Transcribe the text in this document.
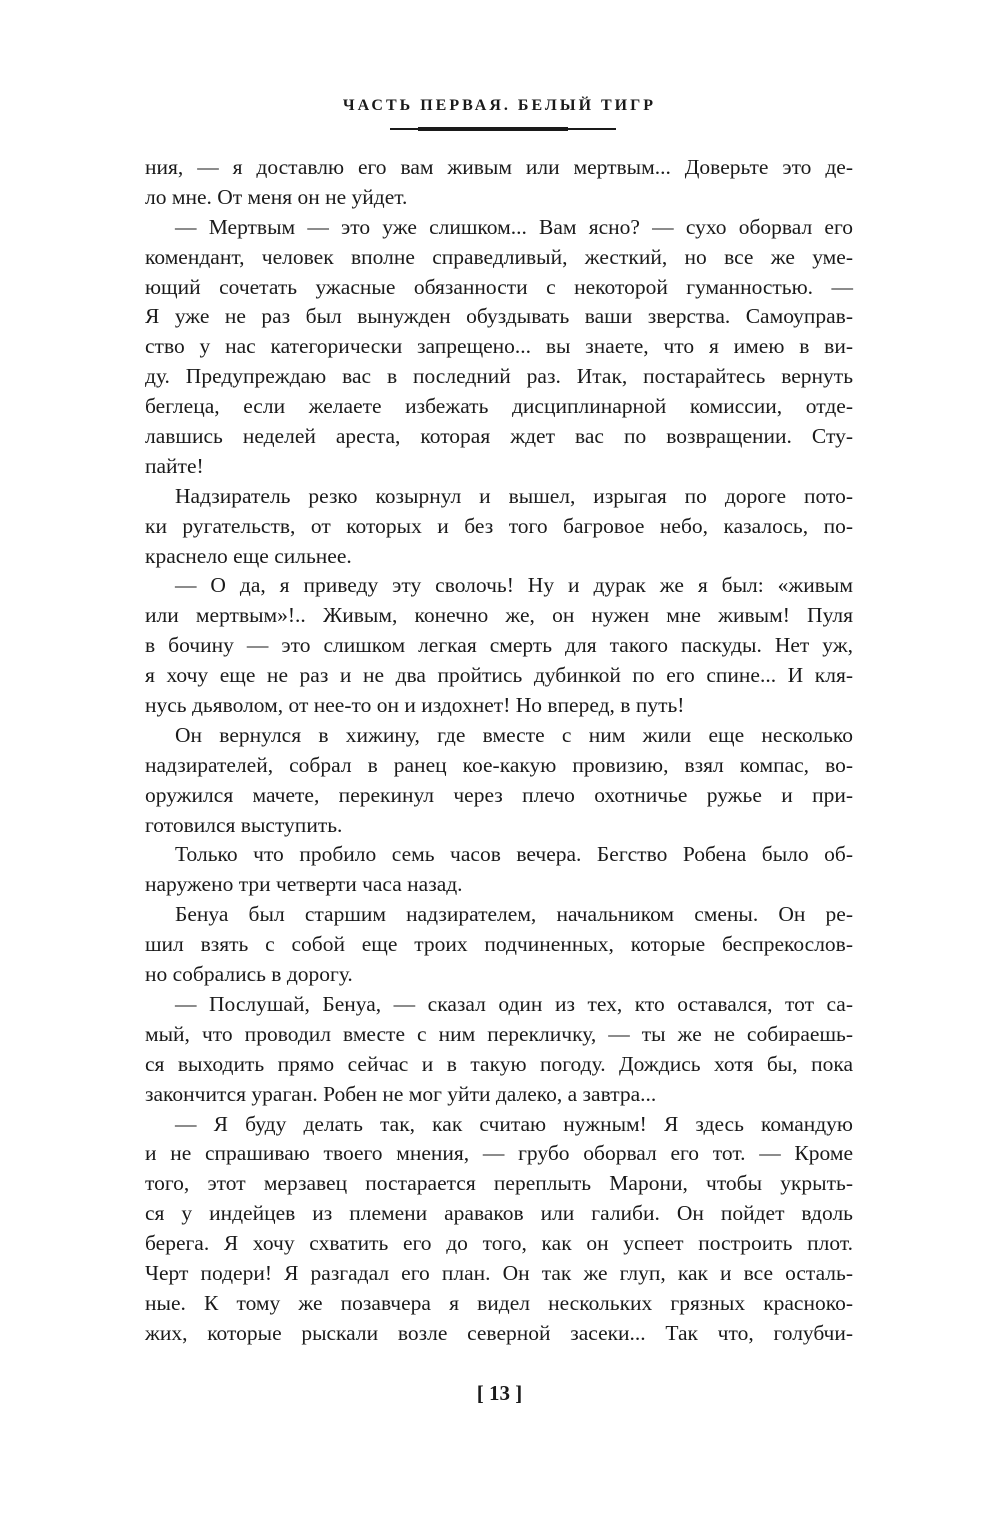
ЧАСТЬ ПЕРВАЯ. БЕЛЫЙ ТИГР
ния, — я доставлю его вам живым или мертвым... Доверьте это де-
ло мне. От меня он не уйдет.
— Мертвым — это уже слишком... Вам ясно? — сухо оборвал его
комендант, человек вполне справедливый, жесткий, но все же уме-
ющий сочетать ужасные обязанности с некоторой гуманностью. —
Я уже не раз был вынужден обуздывать ваши зверства. Самоуправ-
ство у нас категорически запрещено... вы знаете, что я имею в ви-
ду. Предупреждаю вас в последний раз. Итак, постарайтесь вернуть
беглеца, если желаете избежать дисциплинарной комиссии, отде-
лавшись неделей ареста, которая ждет вас по возвращении. Сту-
пайте!
Надзиратель резко козырнул и вышел, изрыгая по дороге пото-
ки ругательств, от которых и без того багровое небо, казалось, по-
краснело еще сильнее.
— О да, я приведу эту сволочь! Ну и дурак же я был: «живым
или мертвым»!.. Живым, конечно же, он нужен мне живым! Пуля
в бочину — это слишком легкая смерть для такого паскуды. Нет уж,
я хочу еще не раз и не два пройтись дубинкой по его спине... И кля-
нусь дьяволом, от нее-то он и издохнет! Но вперед, в путь!
Он вернулся в хижину, где вместе с ним жили еще несколько
надзирателей, собрал в ранец кое-какую провизию, взял компас, во-
оружился мачете, перекинул через плечо охотничье ружье и при-
готовился выступить.
Только что пробило семь часов вечера. Бегство Робена было об-
наружено три четверти часа назад.
Бенуа был старшим надзирателем, начальником смены. Он ре-
шил взять с собой еще троих подчиненных, которые беспрекослов-
но собрались в дорогу.
— Послушай, Бенуа, — сказал один из тех, кто оставался, тот са-
мый, что проводил вместе с ним перекличку, — ты же не собираешь-
ся выходить прямо сейчас и в такую погоду. Дождись хотя бы, пока
закончится ураган. Робен не мог уйти далеко, а завтра...
— Я буду делать так, как считаю нужным! Я здесь командую
и не спрашиваю твоего мнения, — грубо оборвал его тот. — Кроме
того, этот мерзавец постарается переплыть Марони, чтобы укрыть-
ся у индейцев из племени араваков или галиби. Он пойдет вдоль
берега. Я хочу схватить его до того, как он успеет построить плот.
Черт подери! Я разгадал его план. Он так же глуп, как и все осталь-
ные. К тому же позавчера я видел нескольких грязных красноко-
жих, которые рыскали возле северной засеки... Так что, голубчи-
[ 13 ]
